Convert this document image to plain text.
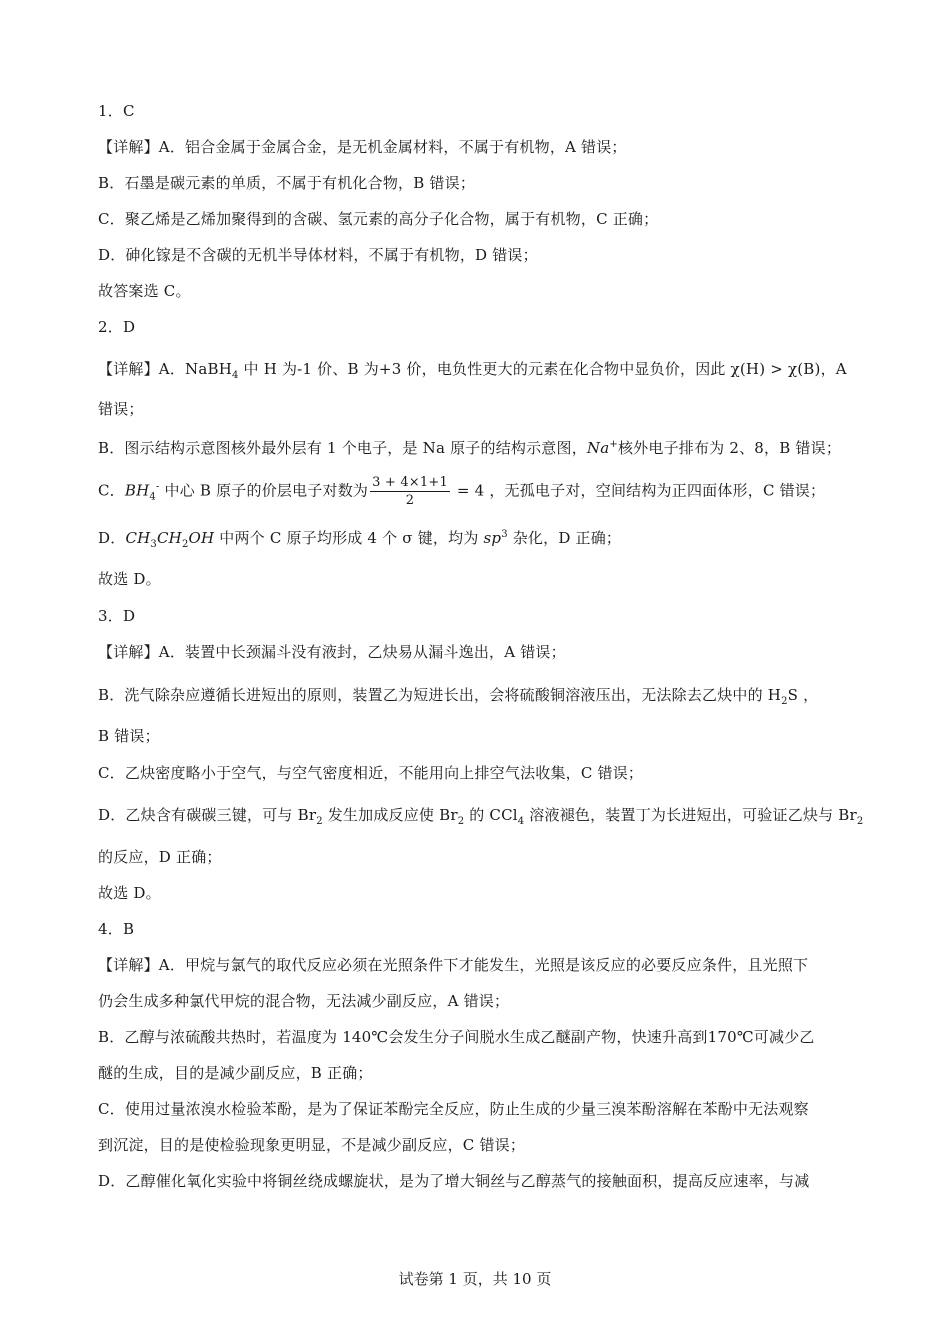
1．C
【详解】A．铝合金属于金属合金，是无机金属材料，不属于有机物，A 错误；
B．石墨是碳元素的单质，不属于有机化合物，B 错误；
C．聚乙烯是乙烯加聚得到的含碳、氢元素的高分子化合物，属于有机物，C 正确；
D．砷化镓是不含碳的无机半导体材料，不属于有机物，D 错误；
故答案选 C。
2．D
【详解】A．NaBH$_4$ 中 H 为-1 价、B 为+3 价，电负性更大的元素在化合物中显负价，因此 χ(H) > χ(B)，A
错误；
B．图示结构示意图核外最外层有 1 个电子，是 Na 原子的结构示意图，Na+核外电子排布为 2、8，B 错误；
C．$BH_4^-$ 中心 B 原子的价层电子对数为 $\frac{3 + 4\times 1+1}{2} = 4$ ，无孤电子对，空间结构为正四面体形，C 错误；
D．$CH_3CH_2OH$ 中两个 C 原子均形成 4 个 σ 键，均为 $sp^3$ 杂化，D 正确；
故选 D。
3．D
【详解】A．装置中长颈漏斗没有液封，乙炔易从漏斗逸出，A 错误；
B．洗气除杂应遵循长进短出的原则，装置乙为短进长出，会将硫酸铜溶液压出，无法除去乙炔中的 $H_2S$ ，
B 错误；
C．乙炔密度略小于空气，与空气密度相近，不能用向上排空气法收集，C 错误；
D．乙炔含有碳碳三键，可与 $Br_2$ 发生加成反应使 $Br_2$ 的 CCl$_4$ 溶液褪色，装置丁为长进短出，可验证乙炔与 $Br_2$
的反应，D 正确；
故选 D。
4．B
【详解】A．甲烷与氯气的取代反应必须在光照条件下才能发生，光照是该反应的必要反应条件，且光照下
仍会生成多种氯代甲烷的混合物，无法减少副反应，A 错误；
B．乙醇与浓硫酸共热时，若温度为 140℃会发生分子间脱水生成乙醚副产物，快速升高到170℃可减少乙
醚的生成，目的是减少副反应，B 正确；
C．使用过量浓溴水检验苯酚，是为了保证苯酚完全反应，防止生成的少量三溴苯酚溶解在苯酚中无法观察
到沉淀，目的是使检验现象更明显，不是减少副反应，C 错误；
D．乙醇催化氧化实验中将铜丝绕成螺旋状，是为了增大铜丝与乙醇蒸气的接触面积，提高反应速率，与减
试卷第 1 页，共 10 页
